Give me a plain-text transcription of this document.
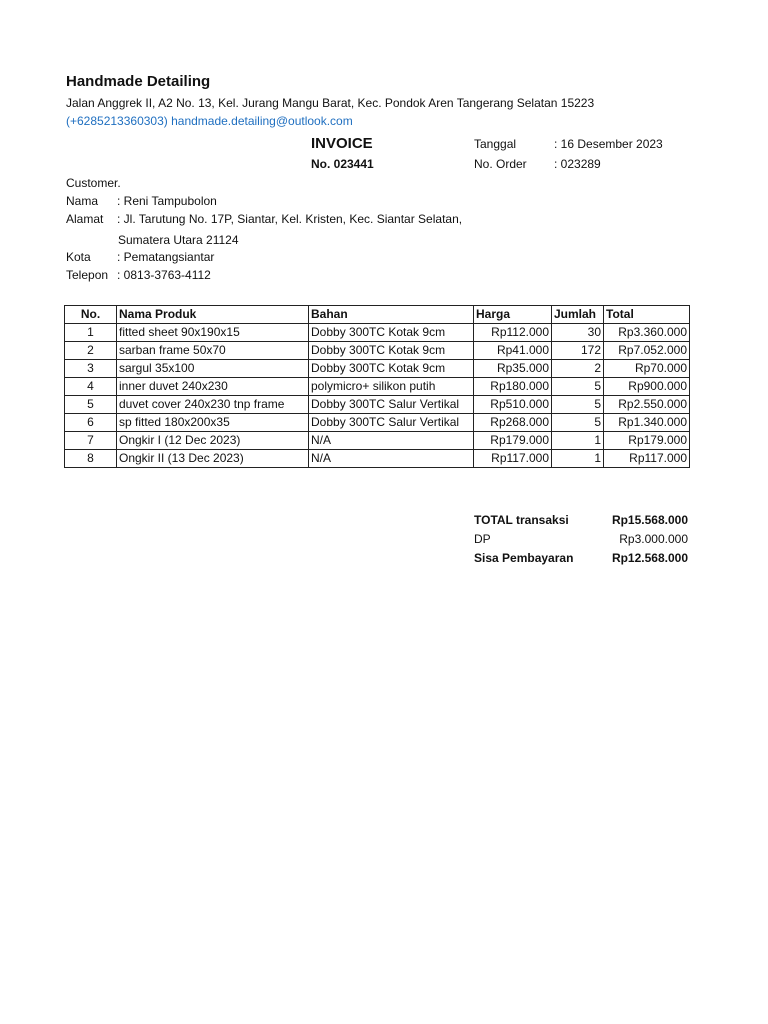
Handmade Detailing
Jalan Anggrek II, A2 No. 13, Kel. Jurang Mangu Barat, Kec. Pondok Aren Tangerang Selatan 15223
(+6285213360303) handmade.detailing@outlook.com
INVOICE
No. 023441
Tanggal	: 16 Desember 2023
No. Order : 023289
Customer.
Nama : Reni Tampubolon
Alamat : Jl. Tarutung No. 17P, Siantar, Kel. Kristen, Kec. Siantar Selatan,
Sumatera Utara 21124
Kota : Pematangsiantar
Telepon : 0813-3763-4112
No.	Nama Produk	Bahan	Harga	Jumlah	Total
1	fitted sheet 90x190x15	Dobby 300TC Kotak 9cm	Rp112.000	30	Rp3.360.000
2	sarban frame 50x70	Dobby 300TC Kotak 9cm	Rp41.000	172	Rp7.052.000
3	sargul 35x100	Dobby 300TC Kotak 9cm	Rp35.000	2	Rp70.000
4	inner duvet 240x230	polymicro+ silikon putih	Rp180.000	5	Rp900.000
5	duvet cover 240x230 tnp frame	Dobby 300TC Salur Vertikal	Rp510.000	5	Rp2.550.000
6	sp fitted 180x200x35	Dobby 300TC Salur Vertikal	Rp268.000	5	Rp1.340.000
7	Ongkir I (12 Dec 2023)	N/A	Rp179.000	1	Rp179.000
8	Ongkir II (13 Dec 2023)	N/A	Rp117.000	1	Rp117.000
TOTAL transaksi	Rp15.568.000
DP	Rp3.000.000
Sisa Pembayaran	Rp12.568.000
